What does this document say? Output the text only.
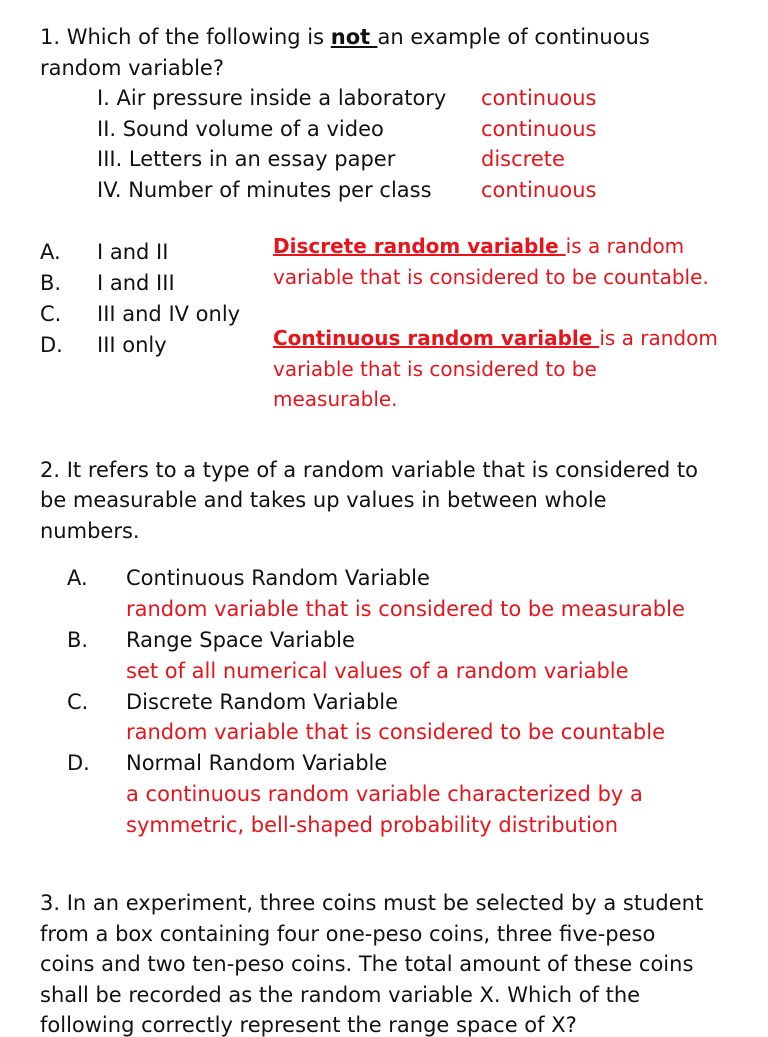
1. Which of the following is not an example of continuous
random variable?
I. Air pressure inside a laboratory continuous
II. Sound volume of a video	continuous
III. Letters in an essay paper	discrete
IV. Number of minutes per class continuous
A. I and II
B. I and III
C. III and IV only
D. III only
Discrete random variable is a random
variable that is considered to be countable.
Continuous random variable is a random
variable that is considered to be
measurable.
2. It refers to a type of a random variable that is considered to
be measurable and takes up values in between whole
numbers.
A. Continuous Random Variable
random variable that is considered to be measurable
B. Range Space Variable
set of all numerical values of a random variable
C. Discrete Random Variable
random variable that is considered to be countable
D. Normal Random Variable
a continuous random variable characterized by a
symmetric, bell-shaped probability distribution
3. In an experiment, three coins must be selected by a student
from a box containing four one-peso coins, three five-peso
coins and two ten-peso coins. The total amount of these coins
shall be recorded as the random variable X. Which of the
following correctly represent the range space of X?
